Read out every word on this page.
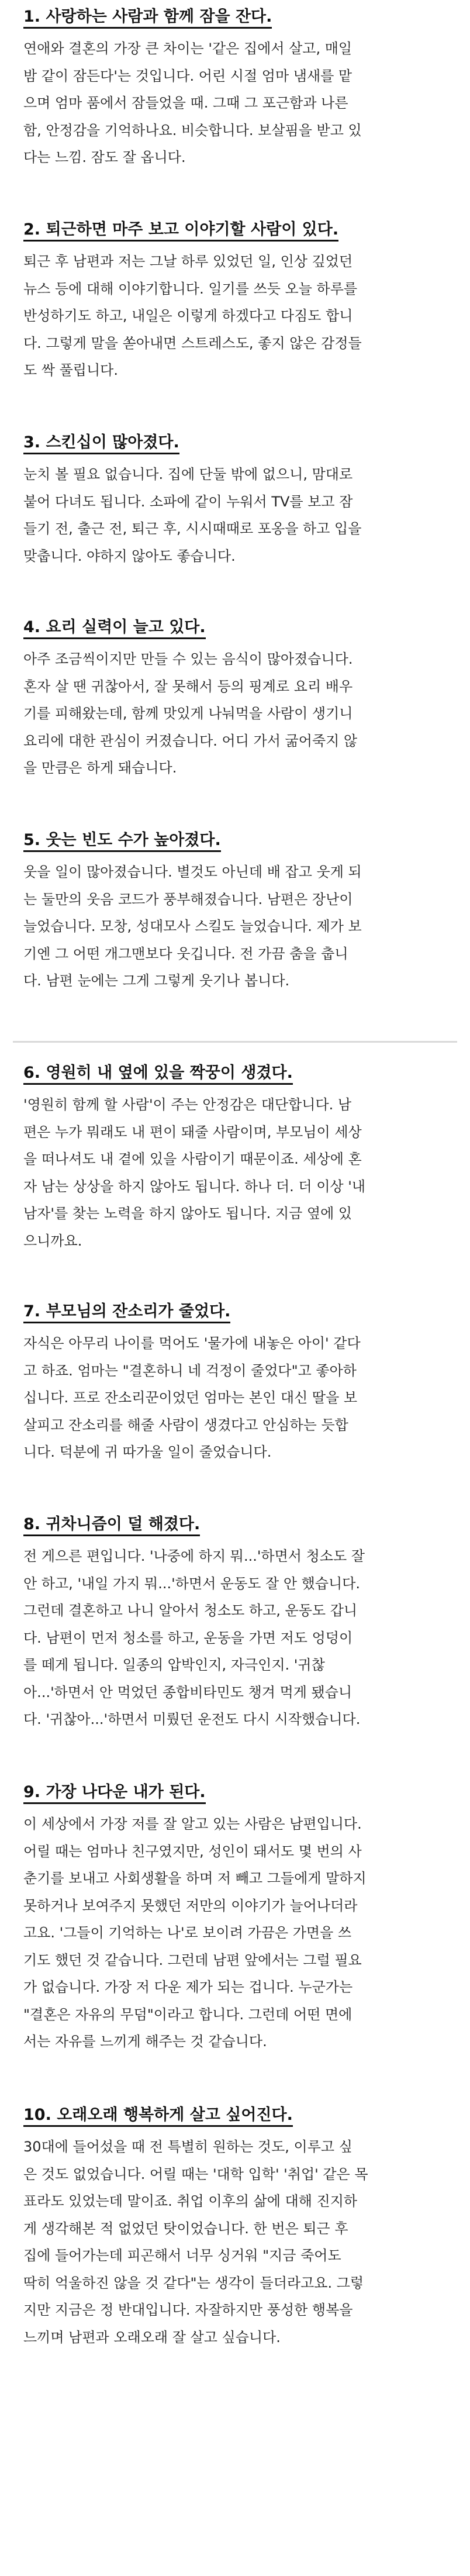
1. 사랑하는 사람과 함께 잠을 잔다.

연애와 결혼의 가장 큰 차이는 '같은 집에서 살고, 매일
밤 같이 잠든다'는 것입니다. 어린 시절 엄마 냄새를 맡
으며 엄마 품에서 잠들었을 때. 그때 그 포근함과 나른
함, 안정감을 기억하나요. 비슷합니다. 보살핌을 받고 있
다는 느낌. 잠도 잘 옵니다.

2. 퇴근하면 마주 보고 이야기할 사람이 있다.

퇴근 후 남편과 저는 그날 하루 있었던 일, 인상 깊었던
뉴스 등에 대해 이야기합니다. 일기를 쓰듯 오늘 하루를
반성하기도 하고, 내일은 이렇게 하겠다고 다짐도 합니
다. 그렇게 말을 쏟아내면 스트레스도, 좋지 않은 감정들
도 싹 풀립니다.

3. 스킨십이 많아졌다.

눈치 볼 필요 없습니다. 집에 단둘 밖에 없으니, 맘대로
붙어 다녀도 됩니다. 소파에 같이 누워서 TV를 보고 잠
들기 전, 출근 전, 퇴근 후, 시시때때로 포옹을 하고 입을
맞춥니다. 야하지 않아도 좋습니다.

4. 요리 실력이 늘고 있다.

아주 조금씩이지만 만들 수 있는 음식이 많아졌습니다.
혼자 살 땐 귀찮아서, 잘 못해서 등의 핑계로 요리 배우
기를 피해왔는데, 함께 맛있게 나눠먹을 사람이 생기니
요리에 대한 관심이 커졌습니다. 어디 가서 굶어죽지 않
을 만큼은 하게 돼습니다.

5. 웃는 빈도 수가 높아졌다.

웃을 일이 많아졌습니다. 별것도 아닌데 배 잡고 웃게 되
는 둘만의 웃음 코드가 풍부해졌습니다. 남편은 장난이
늘었습니다. 모창, 성대모사 스킬도 늘었습니다. 제가 보
기엔 그 어떤 개그맨보다 웃깁니다. 전 가끔 춤을 춥니
다. 남편 눈에는 그게 그렇게 웃기나 봅니다.

6. 영원히 내 옆에 있을 짝꿍이 생겼다.

'영원히 함께 할 사람'이 주는 안정감은 대단합니다. 남
편은 누가 뭐래도 내 편이 돼줄 사람이며, 부모님이 세상
을 떠나셔도 내 곁에 있을 사람이기 때문이죠. 세상에 혼
자 남는 상상을 하지 않아도 됩니다. 하나 더. 더 이상 '내
남자'를 찾는 노력을 하지 않아도 됩니다. 지금 옆에 있
으니까요.

7. 부모님의 잔소리가 줄었다.

자식은 아무리 나이를 먹어도 '물가에 내놓은 아이' 같다
고 하죠. 엄마는 "결혼하니 네 걱정이 줄었다"고 좋아하
십니다. 프로 잔소리꾼이었던 엄마는 본인 대신 딸을 보
살피고 잔소리를 해줄 사람이 생겼다고 안심하는 듯합
니다. 덕분에 귀 따가울 일이 줄었습니다.

8. 귀차니즘이 덜 해졌다.

전 게으른 편입니다. '나중에 하지 뭐...'하면서 청소도 잘
안 하고, '내일 가지 뭐...'하면서 운동도 잘 안 했습니다.
그런데 결혼하고 나니 알아서 청소도 하고, 운동도 갑니
다. 남편이 먼저 청소를 하고, 운동을 가면 저도 엉덩이
를 떼게 됩니다. 일종의 압박인지, 자극인지. '귀찮
아...'하면서 안 먹었던 종합비타민도 챙겨 먹게 됐습니
다. '귀찮아...'하면서 미뤘던 운전도 다시 시작했습니다.

9. 가장 나다운 내가 된다.

이 세상에서 가장 저를 잘 알고 있는 사람은 남편입니다.
어릴 때는 엄마나 친구였지만, 성인이 돼서도 몇 번의 사
춘기를 보내고 사회생활을 하며 저 빼고 그들에게 말하지
못하거나 보여주지 못했던 저만의 이야기가 늘어나더라
고요. '그들이 기억하는 나'로 보이려 가끔은 가면을 쓰
기도 했던 것 같습니다. 그런데 남편 앞에서는 그럴 필요
가 없습니다. 가장 저 다운 제가 되는 겁니다. 누군가는
"결혼은 자유의 무덤"이라고 합니다. 그런데 어떤 면에
서는 자유를 느끼게 해주는 것 같습니다.

10. 오래오래 행복하게 살고 싶어진다.

30대에 들어섰을 때 전 특별히 원하는 것도, 이루고 싶
은 것도 없었습니다. 어릴 때는 '대학 입학' '취업' 같은 목
표라도 있었는데 말이죠. 취업 이후의 삶에 대해 진지하
게 생각해본 적 없었던 탓이었습니다. 한 번은 퇴근 후
집에 들어가는데 피곤해서 너무 싱거워 "지금 죽어도
딱히 억울하진 않을 것 같다"는 생각이 들더라고요. 그렇
지만 지금은 정 반대입니다. 자잘하지만 풍성한 행복을
느끼며 남편과 오래오래 잘 살고 싶습니다.
